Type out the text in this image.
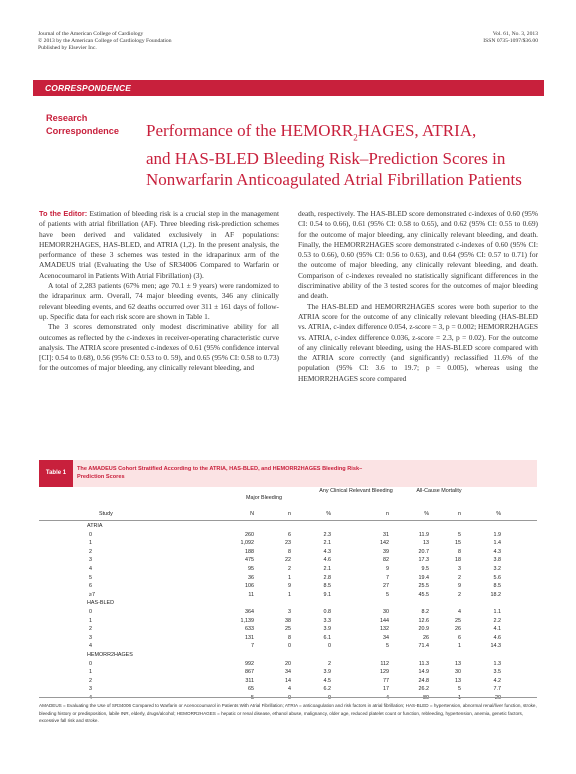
Journal of the American College of Cardiology
© 2013 by the American College of Cardiology Foundation
Published by Elsevier Inc.
Vol. 61, No. 3, 2013
ISSN 0735-1097/$36.00
CORRESPONDENCE
Research
Correspondence Performance of the $HEMORR_2HAGES$, ATRIA,
and HAS-BLED Bleeding Risk–Prediction Scores in
Nonwarfarin Anticoagulated Atrial Fibrillation Patients

To the Editor: Estimation of bleeding risk is a crucial step in the management of patients with atrial fibrillation (AF). Three bleeding risk-prediction schemes have been derived and validated exclusively in AF populations: HEMORR2HAGES, HAS-BLED, and ATRIA (1,2). In the present analysis, the performance of these 3 schemes was tested in the idraparinux arm of the AMADEUS trial (Evaluating the Use of SR34006 Compared to Warfarin or Acenocoumarol in Patients With Atrial Fibrillation) (3).

A total of 2,283 patients (67% men; age 70.1 ± 9 years) were randomized to the idraparinux arm. Overall, 74 major bleeding events, 346 any clinically relevant bleeding events, and 62 deaths occurred over 311 ± 161 days of follow-up. Specific data for each risk score are shown in Table 1.

The 3 scores demonstrated only modest discriminative ability for all outcomes as reflected by the c-indexes in receiver-operating characteristic curve analysis. The ATRIA score presented c-indexes of 0.61 (95% confidence interval [CI]: 0.54 to 0.68), 0.56 (95% CI: 0.53 to 0. 59), and 0.65 (95% CI: 0.58 to 0.73) for the outcomes of major bleeding, any clinically relevant bleeding, and

death, respectively. The HAS-BLED score demonstrated c-indexes of 0.60 (95% CI: 0.54 to 0.66), 0.61 (95% CI: 0.58 to 0.65), and 0.62 (95% CI: 0.55 to 0.69) for the outcome of major bleeding, any clinically relevant bleeding, and death. Finally, the HEMORR2HAGES score demonstrated c-indexes of 0.60 (95% CI: 0.53 to 0.66), 0.60 (95% CI: 0.56 to 0.63), and 0.64 (95% CI: 0.57 to 0.71) for the outcome of major bleeding, any clinically relevant bleeding, and death. Comparison of c-indexes revealed no statistically significant differences in the discriminative ability of the 3 tested scores for the outcomes of major bleeding and death.

The HAS-BLED and HEMORR2HAGES scores were both superior to the ATRIA score for the outcome of any clinically relevant bleeding (HAS-BLED vs. ATRIA, c-index difference 0.054, z-score = 3, p = 0.002; HEMORR2HAGES vs. ATRIA, c-index difference 0.036, z-score = 2.3, p = 0.02). For the outcome of any clinically relevant bleeding, using the HAS-BLED score compared with the ATRIA score correctly (and significantly) reclassified 11.6% of the population (95% CI: 3.6 to 19.7; p = 0.005), whereas using the HEMORR2HAGES score compared

Table 1
The AMADEUS Cohort Stratified According to the ATRIA, HAS-BLED, and HEMORR2HAGES Bleeding Risk–Prediction Scores
Major Bleeding
Any Clinical Relevant Bleeding	All-Cause Mortality
Study	N	n	%	n	%	n	%
ATRIA
0	260	6	2.3	31	11.9	5	1.9
1	1,092	23	2.1	142	13	15	1.4
2	188	8	4.3	39	20.7	8	4.3
3	475	22	4.6	82	17.3	18	3.8
4	95	2	2.1	9	9.5	3	3.2
5	36	1	2.8	7	19.4	2	5.6
6	106	9	8.5	27	25.5	9	8.5
≥7	11	1	9.1	5	45.5	2	18.2
HAS-BLED
0	364	3	0.8	30	8.2	4	1.1
1	1,139	38	3.3	144	12.6	25	2.2
2	633	25	3.9	132	20.9	26	4.1
3	131	8	6.1	34	26	6	4.6
4	7	0	0	5	71.4	1	14.3
HEMORR2HAGES
0	992	20	2	112	11.3	13	1.3
1	867	34	3.9	129	14.9	30	3.5
2	311	14	4.5	77	24.8	13	4.2
3	65	4	6.2	17	26.2	5	7.7
4	5	0	0	4	80	1	20
AMADEUS = Evaluating the Use of SR34006 Compared to Warfarin or Acenocoumarol in Patients With Atrial Fibrillation; ATRIA = anticoagulation and risk factors in atrial fibrillation; HAS-BLED = hypertension, abnormal renal/liver function, stroke, bleeding history or predisposition, labile INR, elderly, drugs/alcohol; HEMORR2HAGES = hepatic or renal disease, ethanol abuse, malignancy, older age, reduced platelet count or function, rebleeding, hypertension, anemia, genetic factors, excessive fall risk and stroke.
